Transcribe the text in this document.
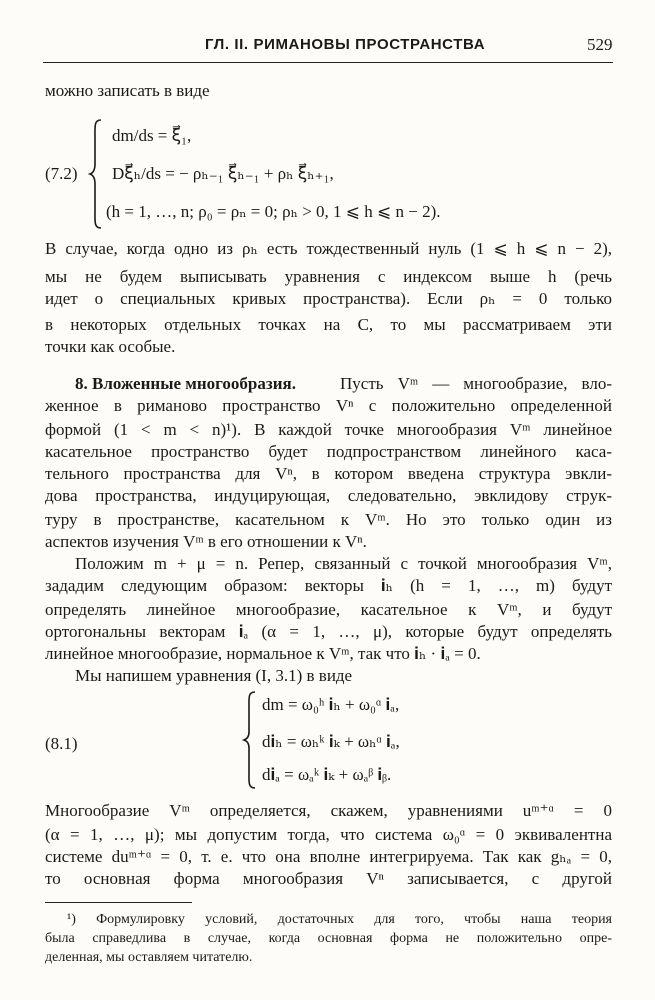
ГЛ. II. РИМАНОВЫ ПРОСТРАНСТВА	529
можно записать в виде
(7.2)
dm/ds = ξ⃗₁,
Dξ⃗ₕ/ds = − ρₕ₋₁ ξ⃗ₕ₋₁ + ρₕ ξ⃗ₕ₊₁,
(h = 1, …, n; ρ₀ = ρₙ = 0; ρₕ > 0, 1 ⩽ h ⩽ n − 2).
В случае, когда одно из ρₕ есть тождественный нуль (1 ⩽ h ⩽ n − 2),
мы не будем выписывать уравнения с индексом выше h (речь
идет о специальных кривых пространства). Если ρₕ = 0 только
в некоторых отдельных точках на C, то мы рассматриваем эти
точки как особые.
8. Вложенные многообразия.	Пусть Vᵐ — многообразие, вло-
женное в риманово пространство Vⁿ с положительно определенной
формой (1 < m < n)¹). В каждой точке многообразия Vᵐ линейное
касательное пространство будет подпространством линейного каса-
тельного пространства для Vⁿ, в котором введена структура эвкли-
дова пространства, индуцирующая, следовательно, эвклидову струк-
туру в пространстве, касательном к Vᵐ. Но это только один из
аспектов изучения Vᵐ в его отношении к Vⁿ.
Положим m + μ = n. Репер, связанный с точкой многообразия Vᵐ,
зададим следующим образом: векторы 𝐢ₕ (h = 1, …, m) будут
определять линейное многообразие, касательное к Vᵐ, и будут
ортогональны векторам 𝐢ₐ (α = 1, …, μ), которые будут определять
линейное многообразие, нормальное к Vᵐ, так что 𝐢ₕ · 𝐢ₐ = 0.
Мы напишем уравнения (I, 3.1) в виде
(8.1)
dm = ω₀ʰ 𝐢ₕ + ω₀ᵅ 𝐢ₐ,
d𝐢ₕ = ωₕᵏ 𝐢ₖ + ωₕᵅ 𝐢ₐ,
d𝐢ₐ = ωₐᵏ 𝐢ₖ + ωₐᵝ 𝐢ᵦ.
Многообразие Vᵐ определяется, скажем, уравнениями uᵐ⁺ᵅ = 0
(α = 1, …, μ); мы допустим тогда, что система ω₀ᵅ = 0 эквивалентна
системе duᵐ⁺ᵅ = 0, т. е. что она вполне интегрируема. Так как gₕₐ = 0,
то основная форма многообразия Vⁿ записывается, с другой
¹) Формулировку условий, достаточных для того, чтобы наша теория
была справедлива в случае, когда основная форма не положительно опре-
деленная, мы оставляем читателю.
